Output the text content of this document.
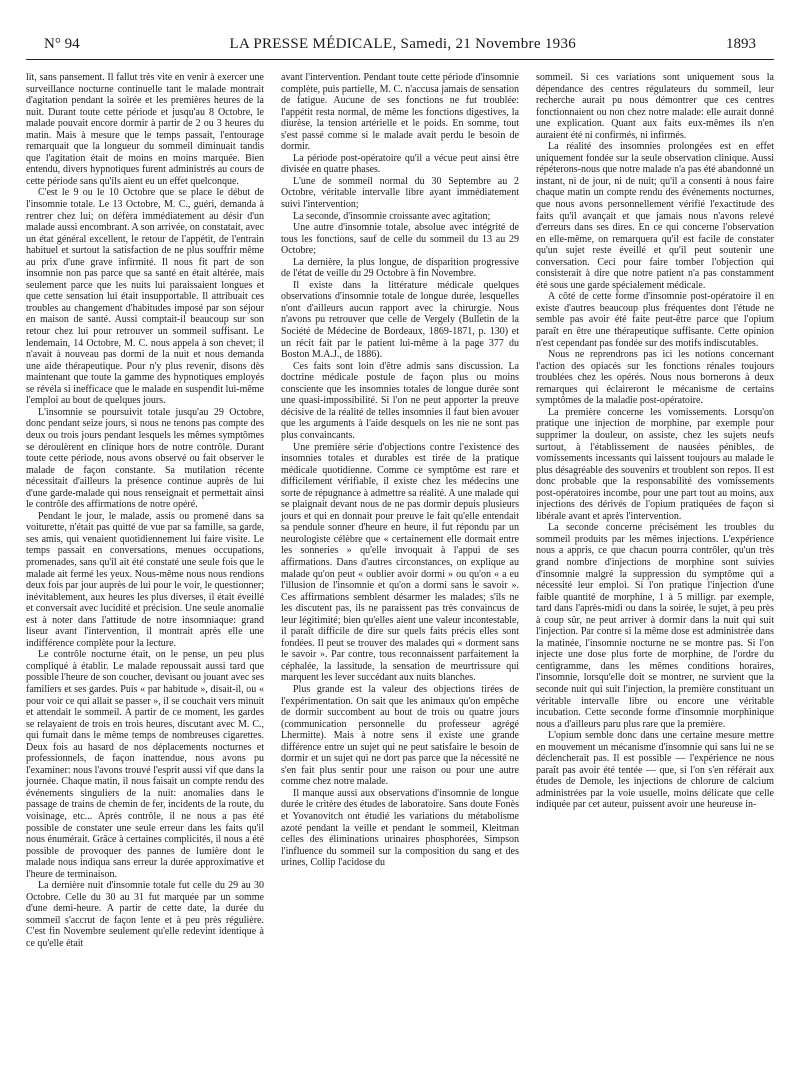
N° 94	LA PRESSE MÉDICALE, Samedi, 21 Novembre 1936	1893

lit, sans pansement. Il fallut très vite en venir à exercer une surveillance nocturne continuelle tant le malade montrait d'agitation pendant la soirée et les premières heures de la nuit. Durant toute cette période et jusqu'au 8 Octobre, le malade pouvait encore dormir à partir de 2 ou 3 heures du matin. Mais à mesure que le temps passait, l'entourage remarquait que la longueur du sommeil diminuait tandis que l'agitation était de moins en moins marquée. Bien entendu, divers hypnotiques furent administrés au cours de cette période sans qu'ils aient eu un effet quelconque.

C'est le 9 ou le 10 Octobre que se place le début de l'insomnie totale. Le 13 Octobre, M. C., guéri, demanda à rentrer chez lui; on défèra immédiatement au désir d'un malade aussi encombrant. A son arrivée, on constatait, avec un état général excellent, le retour de l'appétit, de l'entrain habituel et surtout la satisfaction de ne plus souffrir même au prix d'une grave infirmité. Il nous fit part de son insomnie non pas parce que sa santé en était altérée, mais seulement parce que les nuits lui paraissaient longues et que cette sensation lui était insupportable. Il attribuait ces troubles au changement d'habitudes imposé par son séjour en maison de santé. Aussi comptait-il beaucoup sur son retour chez lui pour retrouver un sommeil suffisant. Le lendemain, 14 Octobre, M. C. nous appela à son chevet; il n'avait à nouveau pas dormi de la nuit et nous demanda une aide thérapeutique. Pour n'y plus revenir, disons dès maintenant que toute la gamme des hypnotiques employés se révéla si inefficace que le malade en suspendit lui-même l'emploi au bout de quelques jours.

L'insomnie se poursuivit totale jusqu'au 29 Octobre, donc pendant seize jours, si nous ne tenons pas compte des deux ou trois jours pendant lesquels les mêmes symptômes se déroulèrent en clinique hors de notre contrôle. Durant toute cette période, nous avons observé ou fait observer le malade de façon constante. Sa mutilation récente nécessitait d'ailleurs la présence continue auprès de lui d'une garde-malade qui nous renseignait et permettait ainsi le contrôle des affirmations de notre opéré.

Pendant le jour, le malade, assis ou promené dans sa voiturette, n'était pas quitté de vue par sa famille, sa garde, ses amis, qui venaient quotidiennement lui faire visite. Le temps passait en conversations, menues occupations, promenades, sans qu'il ait été constaté une seule fois que le malade ait fermé les yeux. Nous-même nous nous rendions deux fois par jour auprès de lui pour le voir, le questionner; inévitablement, aux heures les plus diverses, il était éveillé et conversait avec lucidité et précision. Une seule anomalie est à noter dans l'attitude de notre insomniaque: grand liseur avant l'intervention, il montrait après elle une indifférence complète pour la lecture.

Le contrôle nocturne était, on le pense, un peu plus compliqué à établir. Le malade repoussait aussi tard que possible l'heure de son coucher, devisant ou jouant avec ses familiers et ses gardes. Puis « par habitude », disait-il, ou « pour voir ce qui allait se passer », il se couchait vers minuit et attendait le sommeil. A partir de ce moment, les gardes se relayaient de trois en trois heures, discutant avec M. C., qui fumait dans le même temps de nombreuses cigarettes. Deux fois au hasard de nos déplacements nocturnes et professionnels, de façon inattendue, nous avons pu l'examiner: nous l'avons trouvé l'esprit aussi vif que dans la journée. Chaque matin, il nous faisait un compte rendu des événements singuliers de la nuit: anomalies dans le passage de trains de chemin de fer, incidents de la route, du voisinage, etc... Après contrôle, il ne nous a pas été possible de constater une seule erreur dans les faits qu'il nous énumérait. Grâce à certaines complicités, il nous a été possible de provoquer des pannes de lumière dont le malade nous indiqua sans erreur la durée approximative et l'heure de terminaison.

La dernière nuit d'insomnie totale fut celle du 29 au 30 Octobre. Celle du 30 au 31 fut marquée par un somme d'une demi-heure. A partir de cette date, la durée du sommeil s'accrut de façon lente et à peu près régulière. C'est fin Novembre seulement qu'elle redevint identique à ce qu'elle était

avant l'intervention. Pendant toute cette période d'insomnie complète, puis partielle, M. C. n'accusa jamais de sensation de fatigue. Aucune de ses fonctions ne fut troublée: l'appétit resta normal, de même les fonctions digestives, la diurèse, la tension artérielle et le poids. En somme, tout s'est passé comme si le malade avait perdu le besoin de dormir.

La période post-opératoire qu'il a vécue peut ainsi être divisée en quatre phases.

L'une de sommeil normal du 30 Septembre au 2 Octobre, véritable intervalle libre ayant immédiatement suivi l'intervention;

La seconde, d'insomnie croissante avec agitation;

Une autre d'insomnie totale, absolue avec intégrité de tous les fonctions, sauf de celle du sommeil du 13 au 29 Octobre;

La dernière, la plus longue, de disparition progressive de l'état de veille du 29 Octobre à fin Novembre.

Il existe dans la littérature médicale quelques observations d'insomnie totale de longue durée, lesquelles n'ont d'ailleurs aucun rapport avec la chirurgie. Nous n'avons pu retrouver que celle de Vergely (Bulletin de la Société de Médecine de Bordeaux, 1869-1871, p. 130) et un récit fait par le patient lui-même à la page 377 du Boston M.A.J., de 1886).

Ces faits sont loin d'être admis sans discussion. La doctrine médicale postule de façon plus ou moins consciente que les insomnies totales de longue durée sont une quasi-impossibilité. Si l'on ne peut apporter la preuve décisive de la réalité de telles insomnies il faut bien avouer que les arguments à l'aide desquels on les nie ne sont pas plus convaincants.

Une première série d'objections contre l'existence des insomnies totales et durables est tirée de la pratique médicale quotidienne. Comme ce symptôme est rare et difficilement vérifiable, il existe chez les médecins une sorte de répugnance à admettre sa réalité. A une malade qui se plaignait devant nous de ne pas dormir depuis plusieurs jours et qui en donnait pour preuve le fait qu'elle entendait sa pendule sonner d'heure en heure, il fut répondu par un neurologiste célèbre que « certainement elle dormait entre les sonneries » qu'elle invoquait à l'appui de ses affirmations. Dans d'autres circonstances, on explique au malade qu'on peut « oublier avoir dormi » ou qu'on « a eu l'illusion de l'insomnie et qu'on a dormi sans le savoir ». Ces affirmations semblent désarmer les malades; s'ils ne les discutent pas, ils ne paraissent pas très convaincus de leur légitimité; bien qu'elles aient une valeur incontestable, il paraît difficile de dire sur quels faits précis elles sont fondées. Il peut se trouver des malades qui « dorment sans le savoir ». Par contre, tous reconnaissent parfaitement la céphalée, la lassitude, la sensation de meurtrissure qui marquent les lever succédant aux nuits blanches.

Plus grande est la valeur des objections tirées de l'expérimentation. On sait que les animaux qu'on empêche de dormir succombent au bout de trois ou quatre jours (communication personnelle du professeur agrégé Lhermitte). Mais à notre sens il existe une grande différence entre un sujet qui ne peut satisfaire le besoin de dormir et un sujet qui ne dort pas parce que la nécessité ne s'en fait plus sentir pour une raison ou pour une autre comme chez notre malade.

Il manque aussi aux observations d'insomnie de longue durée le critère des études de laboratoire. Sans doute Fonès et Yovanovitch ont étudié les variations du métabolisme azoté pendant la veille et pendant le sommeil, Kleitman celles des éliminations urinaires phosphorées, Simpson l'influence du sommeil sur la composition du sang et des urines, Collip l'acidose du

sommeil. Si ces variations sont uniquement sous la dépendance des centres régulateurs du sommeil, leur recherche aurait pu nous démontrer que ces centres fonctionnaient ou non chez notre malade: elle aurait donné une explication. Quant aux faits eux-mêmes ils n'en auraient été ni confirmés, ni infirmés.

La réalité des insomnies prolongées est en effet uniquement fondée sur la seule observation clinique. Aussi répéterons-nous que notre malade n'a pas été abandonné un instant, ni de jour, ni de nuit; qu'il a consenti à nous faire chaque matin un compte rendu des événements nocturnes, que nous avons personnellement vérifié l'exactitude des faits qu'il avançait et que jamais nous n'avons relevé d'erreurs dans ses dires. En ce qui concerne l'observation en elle-même, on remarquera qu'il est facile de constater qu'un sujet reste éveillé et qu'il peut soutenir une conversation. Ceci pour faire tomber l'objection qui consisterait à dire que notre patient n'a pas constamment été sous une garde spécialement médicale.

A côté de cette forme d'insomnie post-opératoire il en existe d'autres beaucoup plus fréquentes dont l'étude ne semble pas avoir été faite peut-être parce que l'opium paraît en être une thérapeutique suffisante. Cette opinion n'est cependant pas fondée sur des motifs indiscutables.

Nous ne reprendrons pas ici les notions concernant l'action des opiacés sur les fonctions rénales toujours troublées chez les opérés. Nous nous bornerons à deux remarques qui éclaireront le mécanisme de certains symptômes de la maladie post-opératoire.

La première concerne les vomissements. Lorsqu'on pratique une injection de morphine, par exemple pour supprimer la douleur, on assiste, chez les sujets neufs surtout, à l'établissement de nausées pénibles, de vomissements incessants qui laissent toujours au malade le plus désagréable des souvenirs et troublent son repos. Il est donc probable que la responsabilité des vomissements post-opératoires incombe, pour une part tout au moins, aux injections des dérivés de l'opium pratiquées de façon si libérale avant et après l'intervention.

La seconde concerne précisément les troubles du sommeil produits par les mêmes injections. L'expérience nous a appris, ce que chacun pourra contrôler, qu'un très grand nombre d'injections de morphine sont suivies d'insomnie malgré la suppression du symptôme qui a nécessité leur emploi. Si l'on pratique l'injection d'une faible quantité de morphine, 1 à 5 milligr. par exemple, tard dans l'après-midi ou dans la soirée, le sujet, à peu près à coup sûr, ne peut arriver à dormir dans la nuit qui suit l'injection. Par contre si la même dose est administrée dans la matinée, l'insomnie nocturne ne se montre pas. Si l'on injecte une dose plus forte de morphine, de l'ordre du centigramme, dans les mêmes conditions horaires, l'insomnie, lorsqu'elle doit se montrer, ne survient que la seconde nuit qui suit l'injection, la première constituant un véritable intervalle libre ou encore une véritable incubation. Cette seconde forme d'insomnie morphinique nous a d'ailleurs paru plus rare que la première.

L'opium semble donc dans une certaine mesure mettre en mouvement un mécanisme d'insomnie qui sans lui ne se déclencherait pas. Il est possible — l'expérience ne nous paraît pas avoir été tentée — que, si l'on s'en référait aux études de Demole, les injections de chlorure de calcium administrées par la voie usuelle, moins délicate que celle indiquée par cet auteur, puissent avoir une heureuse in-
